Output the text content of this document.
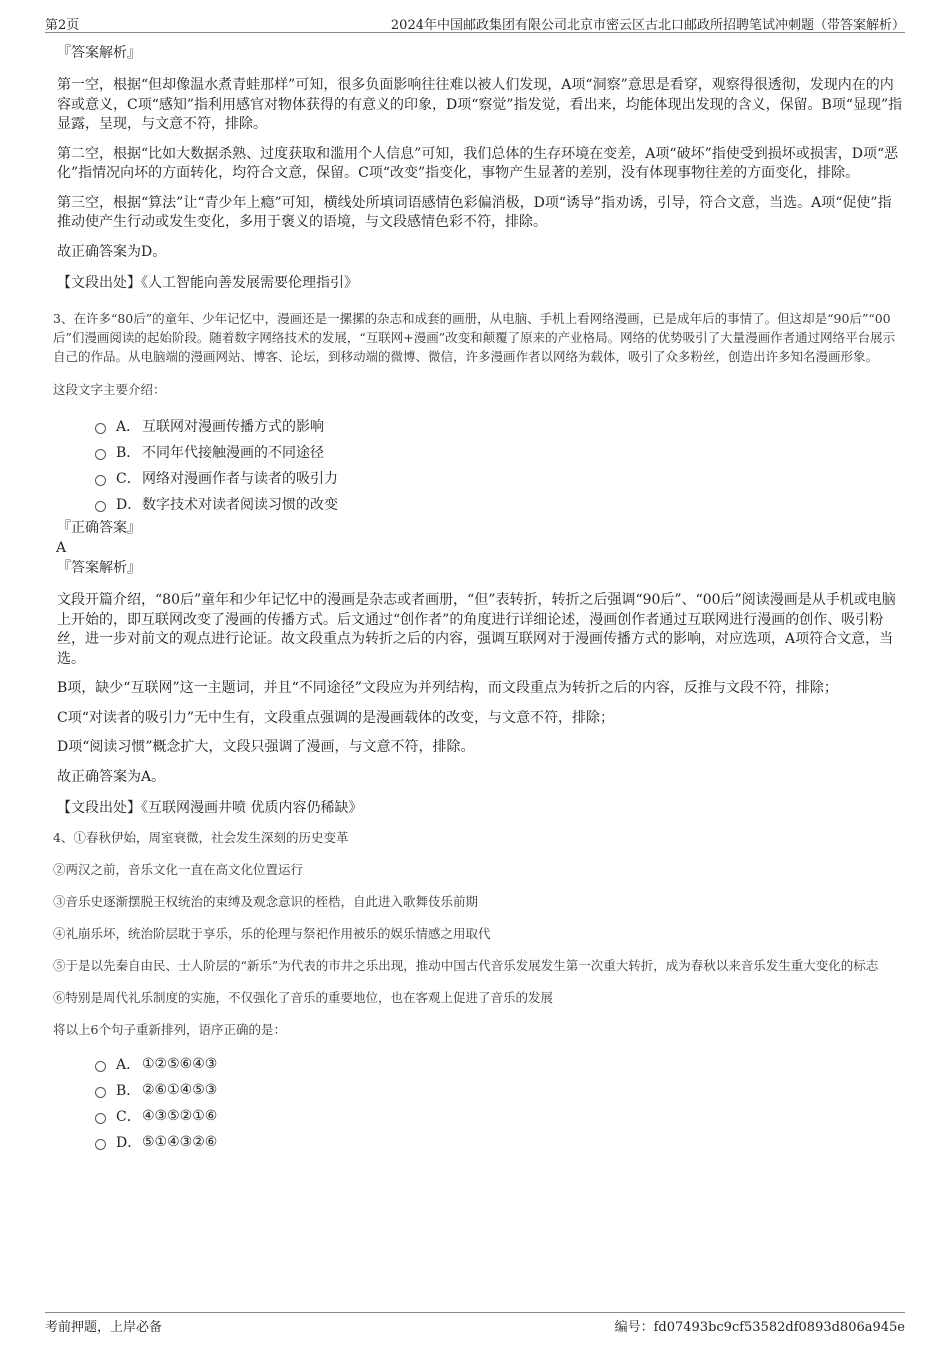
第2页	2024年中国邮政集团有限公司北京市密云区古北口邮政所招聘笔试冲刺题（带答案解析）
『答案解析』

第一空，根据“但却像温水煮青蛙那样”可知，很多负面影响往往难以被人们发现，A项“洞察”意思是看穿，观察得很透彻，发现内在的内容或意义，C项“感知”指利用感官对物体获得的有意义的印象，D项“察觉”指发觉，看出来，均能体现出发现的含义，保留。B项“显现”指显露，呈现，与文意不符，排除。

第二空，根据“比如大数据杀熟、过度获取和滥用个人信息”可知，我们总体的生存环境在变差，A项“破坏”指使受到损坏或损害，D项“恶化”指情况向坏的方面转化，均符合文意，保留。C项“改变”指变化，事物产生显著的差别，没有体现事物往差的方面变化，排除。

第三空，根据“算法”让“青少年上瘾”可知，横线处所填词语感情色彩偏消极，D项“诱导”指劝诱，引导，符合文意，当选。A项“促使”指推动使产生行动或发生变化，多用于褒义的语境，与文段感情色彩不符，排除。

故正确答案为D。

【文段出处】《人工智能向善发展需要伦理指引》

3、在许多“80后”的童年、少年记忆中，漫画还是一摞摞的杂志和成套的画册，从电脑、手机上看网络漫画，已是成年后的事情了。但这却是“90后”“00后”们漫画阅读的起始阶段。随着数字网络技术的发展，“互联网+漫画”改变和颠覆了原来的产业格局。网络的优势吸引了大量漫画作者通过网络平台展示自己的作品。从电脑端的漫画网站、博客、论坛，到移动端的微博、微信，许多漫画作者以网络为载体，吸引了众多粉丝，创造出许多知名漫画形象。

这段文字主要介绍：

A． 互联网对漫画传播方式的影响
B． 不同年代接触漫画的不同途径
C． 网络对漫画作者与读者的吸引力
D． 数字技术对读者阅读习惯的改变
『正确答案』
A
『答案解析』

文段开篇介绍，“80后”童年和少年记忆中的漫画是杂志或者画册，“但”表转折，转折之后强调“90后”、“00后”阅读漫画是从手机或电脑上开始的，即互联网改变了漫画的传播方式。后文通过“创作者”的角度进行详细论述，漫画创作者通过互联网进行漫画的创作、吸引粉丝，进一步对前文的观点进行论证。故文段重点为转折之后的内容，强调互联网对于漫画传播方式的影响，对应选项，A项符合文意，当选。

B项，缺少“互联网”这一主题词，并且“不同途径”文段应为并列结构，而文段重点为转折之后的内容，反推与文段不符，排除；

C项“对读者的吸引力”无中生有，文段重点强调的是漫画载体的改变，与文意不符，排除；

D项“阅读习惯”概念扩大，文段只强调了漫画，与文意不符，排除。

故正确答案为A。

【文段出处】《互联网漫画井喷 优质内容仍稀缺》

4、①春秋伊始，周室衰微，社会发生深刻的历史变革

②两汉之前，音乐文化一直在高文化位置运行

③音乐史逐渐摆脱王权统治的束缚及观念意识的桎梏，自此进入歌舞伎乐前期

④礼崩乐坏，统治阶层耽于享乐，乐的伦理与祭祀作用被乐的娱乐情感之用取代

⑤于是以先秦自由民、士人阶层的“新乐”为代表的市井之乐出现，推动中国古代音乐发展发生第一次重大转折，成为春秋以来音乐发生重大变化的标志

⑥特别是周代礼乐制度的实施，不仅强化了音乐的重要地位，也在客观上促进了音乐的发展

将以上6个句子重新排列，语序正确的是：

A． ①②⑤⑥④③
B． ②⑥①④⑤③
C． ④③⑤②①⑥
D． ⑤①④③②⑥
考前押题，上岸必备	编号：fd07493bc9cf53582df0893d806a945e
